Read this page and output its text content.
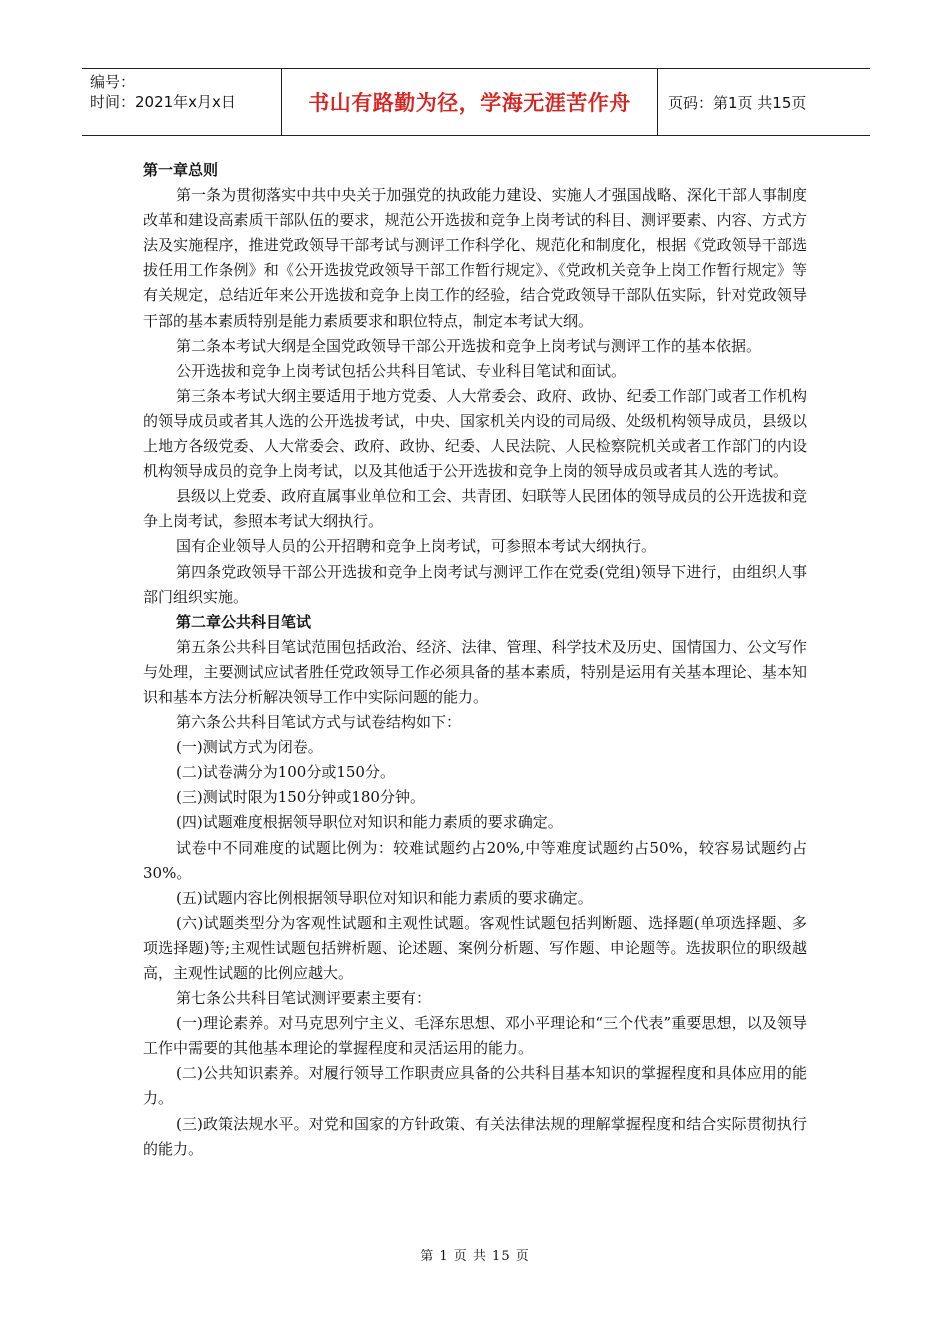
编号：
时间：2021年x月x日	书山有路勤为径，学海无涯苦作舟	页码：第1页 共15页
第一章总则

第一条为贯彻落实中共中央关于加强党的执政能力建设、实施人才强国战略、深化干部人事制度改革和建设高素质干部队伍的要求，规范公开选拔和竞争上岗考试的科目、测评要素、内容、方式方法及实施程序，推进党政领导干部考试与测评工作科学化、规范化和制度化，根据《党政领导干部选拔任用工作条例》和《公开选拔党政领导干部工作暂行规定》、《党政机关竞争上岗工作暂行规定》等有关规定，总结近年来公开选拔和竞争上岗工作的经验，结合党政领导干部队伍实际，针对党政领导干部的基本素质特别是能力素质要求和职位特点，制定本考试大纲。

第二条本考试大纲是全国党政领导干部公开选拔和竞争上岗考试与测评工作的基本依据。

公开选拔和竞争上岗考试包括公共科目笔试、专业科目笔试和面试。

第三条本考试大纲主要适用于地方党委、人大常委会、政府、政协、纪委工作部门或者工作机构的领导成员或者其人选的公开选拔考试，中央、国家机关内设的司局级、处级机构领导成员，县级以上地方各级党委、人大常委会、政府、政协、纪委、人民法院、人民检察院机关或者工作部门的内设机构领导成员的竞争上岗考试，以及其他适于公开选拔和竞争上岗的领导成员或者其人选的考试。

县级以上党委、政府直属事业单位和工会、共青团、妇联等人民团体的领导成员的公开选拔和竞争上岗考试，参照本考试大纲执行。

国有企业领导人员的公开招聘和竞争上岗考试，可参照本考试大纲执行。

第四条党政领导干部公开选拔和竞争上岗考试与测评工作在党委(党组)领导下进行，由组织人事部门组织实施。

第二章公共科目笔试

第五条公共科目笔试范围包括政治、经济、法律、管理、科学技术及历史、国情国力、公文写作与处理，主要测试应试者胜任党政领导工作必须具备的基本素质，特别是运用有关基本理论、基本知识和基本方法分析解决领导工作中实际问题的能力。

第六条公共科目笔试方式与试卷结构如下：

(一)测试方式为闭卷。

(二)试卷满分为100分或150分。

(三)测试时限为150分钟或180分钟。

(四)试题难度根据领导职位对知识和能力素质的要求确定。

试卷中不同难度的试题比例为：较难试题约占20%,中等难度试题约占50%，较容易试题约占30%。

(五)试题内容比例根据领导职位对知识和能力素质的要求确定。

(六)试题类型分为客观性试题和主观性试题。客观性试题包括判断题、选择题(单项选择题、多项选择题)等;主观性试题包括辨析题、论述题、案例分析题、写作题、申论题等。选拔职位的职级越高，主观性试题的比例应越大。

第七条公共科目笔试测评要素主要有：

(一)理论素养。对马克思列宁主义、毛泽东思想、邓小平理论和“三个代表”重要思想，以及领导工作中需要的其他基本理论的掌握程度和灵活运用的能力。

(二)公共知识素养。对履行领导工作职责应具备的公共科目基本知识的掌握程度和具体应用的能力。

(三)政策法规水平。对党和国家的方针政策、有关法律法规的理解掌握程度和结合实际贯彻执行的能力。

第 1 页 共 15 页
